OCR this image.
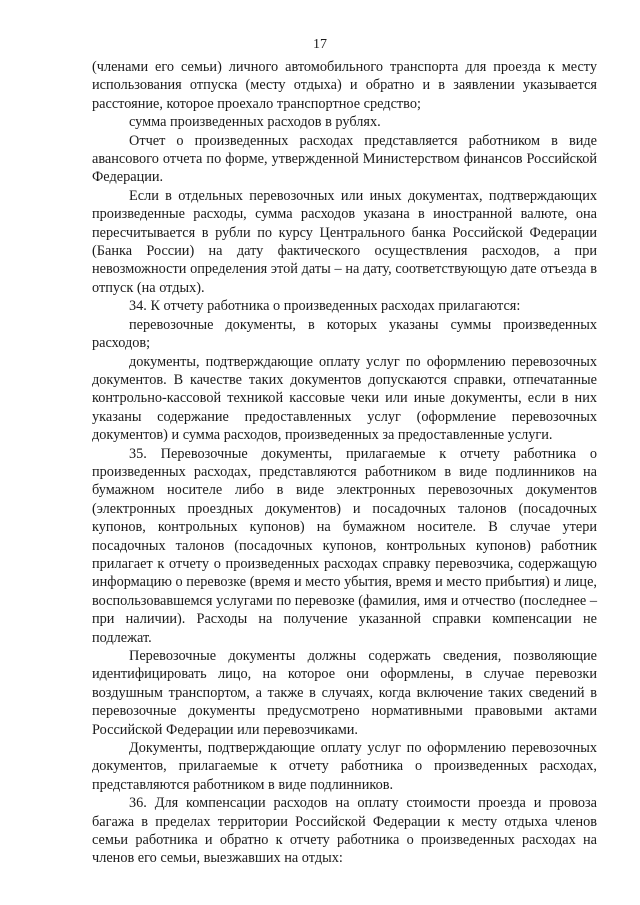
17

(членами его семьи) личного автомобильного транспорта для проезда к месту использования отпуска (месту отдыха) и обратно и в заявлении указывается расстояние, которое проехало транспортное средство;

сумма произведенных расходов в рублях.

Отчет о произведенных расходах представляется работником в виде авансового отчета по форме, утвержденной Министерством финансов Российской Федерации.

Если в отдельных перевозочных или иных документах, подтверждающих произведенные расходы, сумма расходов указана в иностранной валюте, она пересчитывается в рубли по курсу Центрального банка Российской Федерации (Банка России) на дату фактического осуществления расходов, а при невозможности определения этой даты – на дату, соответствующую дате отъезда в отпуск (на отдых).

34. К отчету работника о произведенных расходах прилагаются:

перевозочные документы, в которых указаны суммы произведенных расходов;

документы, подтверждающие оплату услуг по оформлению перевозочных документов. В качестве таких документов допускаются справки, отпечатанные контрольно-кассовой техникой кассовые чеки или иные документы, если в них указаны содержание предоставленных услуг (оформление перевозочных документов) и сумма расходов, произведенных за предоставленные услуги.

35. Перевозочные документы, прилагаемые к отчету работника о произведенных расходах, представляются работником в виде подлинников на бумажном носителе либо в виде электронных перевозочных документов (электронных проездных документов) и посадочных талонов (посадочных купонов, контрольных купонов) на бумажном носителе. В случае утери посадочных талонов (посадочных купонов, контрольных купонов) работник прилагает к отчету о произведенных расходах справку перевозчика, содержащую информацию о перевозке (время и место убытия, время и место прибытия) и лице, воспользовавшемся услугами по перевозке (фамилия, имя и отчество (последнее – при наличии). Расходы на получение указанной справки компенсации не подлежат.

Перевозочные документы должны содержать сведения, позволяющие идентифицировать лицо, на которое они оформлены, в случае перевозки воздушным транспортом, а также в случаях, когда включение таких сведений в перевозочные документы предусмотрено нормативными правовыми актами Российской Федерации или перевозчиками.

Документы, подтверждающие оплату услуг по оформлению перевозочных документов, прилагаемые к отчету работника о произведенных расходах, представляются работником в виде подлинников.

36. Для компенсации расходов на оплату стоимости проезда и провоза багажа в пределах территории Российской Федерации к месту отдыха членов семьи работника и обратно к отчету работника о произведенных расходах на членов его семьи, выезжавших на отдых:
